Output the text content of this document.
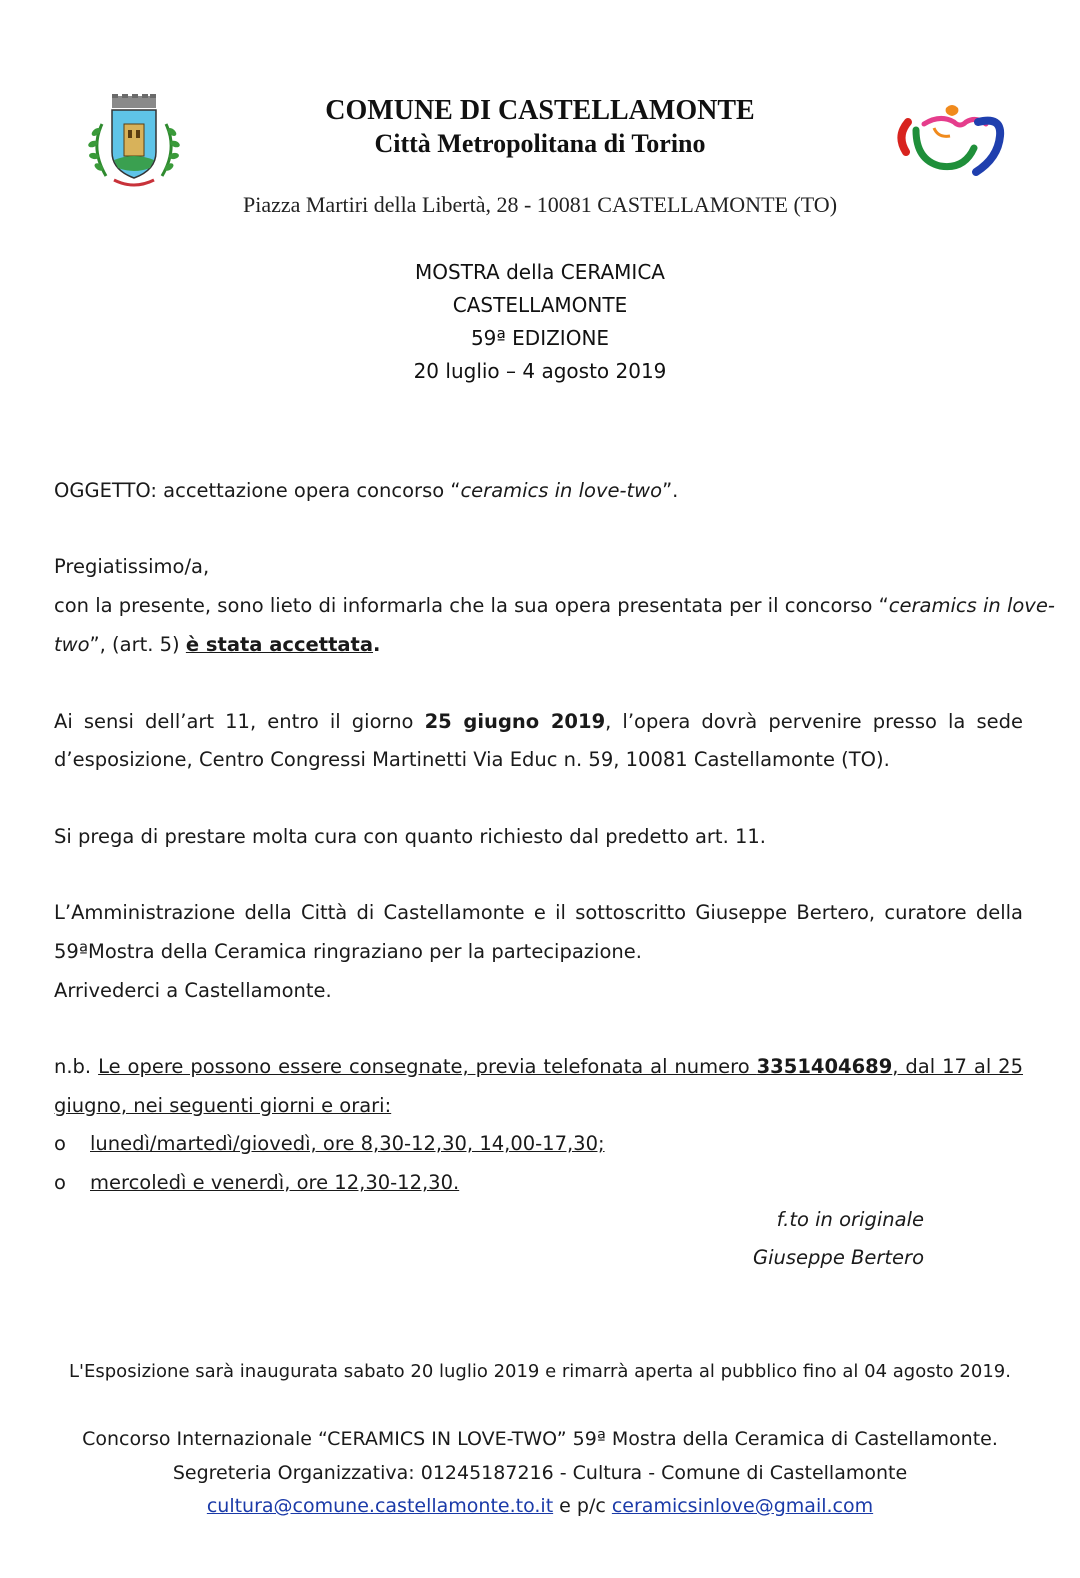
COMUNE DI CASTELLAMONTE
Città Metropolitana di Torino
Piazza Martiri della Libertà, 28 - 10081 CASTELLAMONTE (TO)
MOSTRA della CERAMICA
CASTELLAMONTE
59ª EDIZIONE
20 luglio – 4 agosto 2019
OGGETTO: accettazione opera concorso “ceramics in love-two”.
Pregiatissimo/a,
con la presente, sono lieto di informarla che la sua opera presentata per il concorso “ceramics in love-
two”, (art. 5) è stata accettata.
Ai sensi dell’art 11, entro il giorno 25 giugno 2019, l’opera dovrà pervenire presso la sede
d’esposizione, Centro Congressi Martinetti Via Educ n. 59, 10081 Castellamonte (TO).
Si prega di prestare molta cura con quanto richiesto dal predetto art. 11.
L’Amministrazione della Città di Castellamonte e il sottoscritto Giuseppe Bertero, curatore della
59ªMostra della Ceramica ringraziano per la partecipazione.
Arrivederci a Castellamonte.
n.b. Le opere possono essere consegnate, previa telefonata al numero 3351404689, dal 17 al 25
giugno, nei seguenti giorni e orari:
o lunedì/martedì/giovedì, ore 8,30-12,30, 14,00-17,30;
o mercoledì e venerdì, ore 12,30-12,30.
f.to in originale
Giuseppe Bertero
L'Esposizione sarà inaugurata sabato 20 luglio 2019 e rimarrà aperta al pubblico fino al 04 agosto 2019.
Concorso Internazionale “CERAMICS IN LOVE-TWO” 59ª Mostra della Ceramica di Castellamonte.
Segreteria Organizzativa: 01245187216 - Cultura - Comune di Castellamonte
cultura@comune.castellamonte.to.it e p/c ceramicsinlove@gmail.com
